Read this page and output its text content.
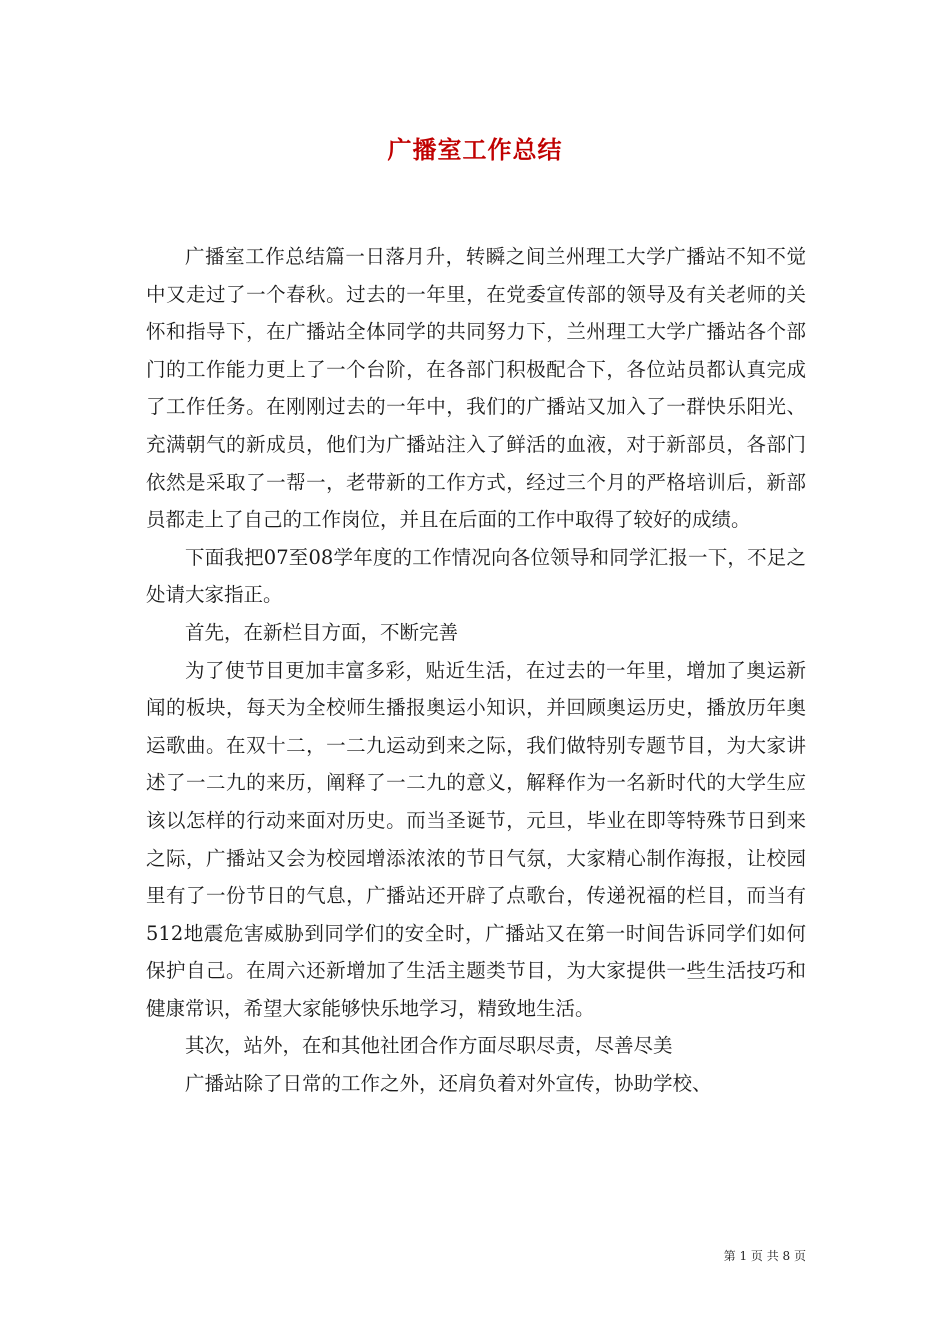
广播室工作总结

广播室工作总结篇一日落月升，转瞬之间兰州理工大学广播站不知不觉中又走过了一个春秋。过去的一年里，在党委宣传部的领导及有关老师的关怀和指导下，在广播站全体同学的共同努力下，兰州理工大学广播站各个部门的工作能力更上了一个台阶，在各部门积极配合下，各位站员都认真完成了工作任务。在刚刚过去的一年中，我们的广播站又加入了一群快乐阳光、充满朝气的新成员，他们为广播站注入了鲜活的血液，对于新部员，各部门依然是采取了一帮一，老带新的工作方式，经过三个月的严格培训后，新部员都走上了自己的工作岗位，并且在后面的工作中取得了较好的成绩。

下面我把07至08学年度的工作情况向各位领导和同学汇报一下，不足之处请大家指正。

首先，在新栏目方面，不断完善

为了使节目更加丰富多彩，贴近生活，在过去的一年里，增加了奥运新闻的板块，每天为全校师生播报奥运小知识，并回顾奥运历史，播放历年奥运歌曲。在双十二，一二九运动到来之际，我们做特别专题节目，为大家讲述了一二九的来历，阐释了一二九的意义，解释作为一名新时代的大学生应该以怎样的行动来面对历史。而当圣诞节，元旦，毕业在即等特殊节日到来之际，广播站又会为校园增添浓浓的节日气氛，大家精心制作海报，让校园里有了一份节日的气息，广播站还开辟了点歌台，传递祝福的栏目，而当有512地震危害威胁到同学们的安全时，广播站又在第一时间告诉同学们如何保护自己。在周六还新增加了生活主题类节目，为大家提供一些生活技巧和健康常识，希望大家能够快乐地学习，精致地生活。

其次，站外，在和其他社团合作方面尽职尽责，尽善尽美

广播站除了日常的工作之外，还肩负着对外宣传，协助学校、

第 1 页 共 8 页
